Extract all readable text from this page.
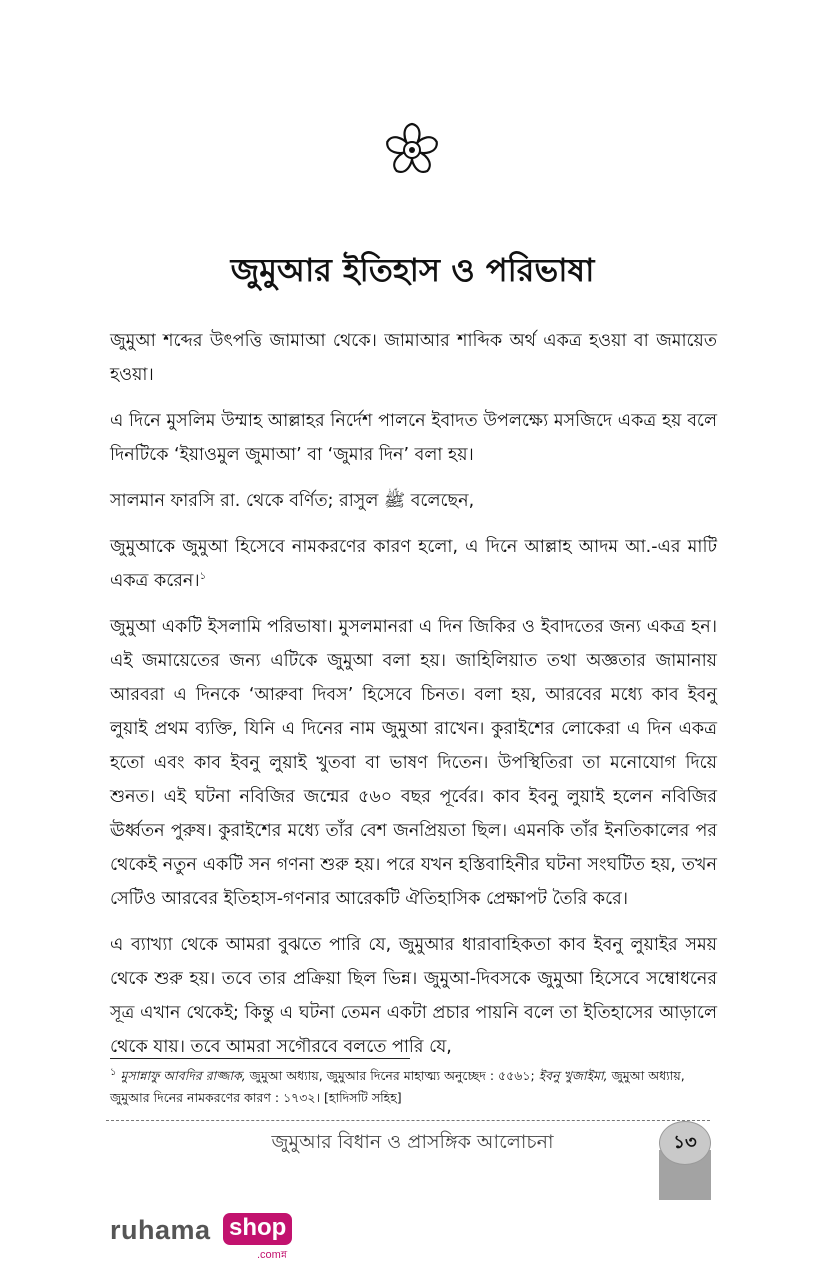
জুমুআর ইতিহাস ও পরিভাষা

জুমুআ শব্দের উৎপত্তি জামাআ থেকে। জামাআর শাব্দিক অর্থ একত্র হওয়া বা জমায়েত হওয়া।

এ দিনে মুসলিম উম্মাহ আল্লাহর নির্দেশ পালনে ইবাদত উপলক্ষ্যে মসজিদে একত্র হয় বলে দিনটিকে ‘ইয়াওমুল জুমাআ’ বা ‘জুমার দিন’ বলা হয়।

সালমান ফারসি রা. থেকে বর্ণিত; রাসুল ﷺ বলেছেন,

জুমুআকে জুমুআ হিসেবে নামকরণের কারণ হলো, এ দিনে আল্লাহ আদম আ.-এর মাটি একত্র করেন।$^১$

জুমুআ একটি ইসলামি পরিভাষা। মুসলমানরা এ দিন জিকির ও ইবাদতের জন্য একত্র হন। এই জমায়েতের জন্য এটিকে জুমুআ বলা হয়। জাহিলিয়াত তথা অজ্ঞতার জামানায় আরবরা এ দিনকে ‘আরুবা দিবস’ হিসেবে চিনত। বলা হয়, আরবের মধ্যে কাব ইবনু লুয়াই প্রথম ব্যক্তি, যিনি এ দিনের নাম জুমুআ রাখেন। কুরাইশের লোকেরা এ দিন একত্র হতো এবং কাব ইবনু লুয়াই খুতবা বা ভাষণ দিতেন। উপস্থিতিরা তা মনোযোগ দিয়ে শুনত। এই ঘটনা নবিজির জন্মের ৫৬০ বছর পূর্বের। কাব ইবনু লুয়াই হলেন নবিজির ঊর্ধ্বতন পুরুষ। কুরাইশের মধ্যে তাঁর বেশ জনপ্রিয়তা ছিল। এমনকি তাঁর ইনতিকালের পর থেকেই নতুন একটি সন গণনা শুরু হয়। পরে যখন হস্তিবাহিনীর ঘটনা সংঘটিত হয়, তখন সেটিও আরবের ইতিহাস-গণনার আরেকটি ঐতিহাসিক প্রেক্ষাপট তৈরি করে।

এ ব্যাখ্যা থেকে আমরা বুঝতে পারি যে, জুমুআর ধারাবাহিকতা কাব ইবনু লুয়াইর সময় থেকে শুরু হয়। তবে তার প্রক্রিয়া ছিল ভিন্ন। জুমুআ-দিবসকে জুমুআ হিসেবে সম্বোধনের সূত্র এখান থেকেই; কিন্তু এ ঘটনা তেমন একটা প্রচার পায়নি বলে তা ইতিহাসের আড়ালে থেকে যায়। তবে আমরা সগৌরবে বলতে পারি যে,

$^১$ মুসান্নাফু আবদির রাজ্জাক, জুমুআ অধ্যায়, জুমুআর দিনের মাহাত্ম্য অনুচ্ছেদ : ৫৫৬১; ইবনু খুজাইমা, জুমুআ অধ্যায়, জুমুআর দিনের নামকরণের কারণ : ১৭৩২। [হাদিসটি সহিহ]
জুমুআর বিধান ও প্রাসঙ্গিক আলোচনা	১৩
ruhama shop
.comন্ন
